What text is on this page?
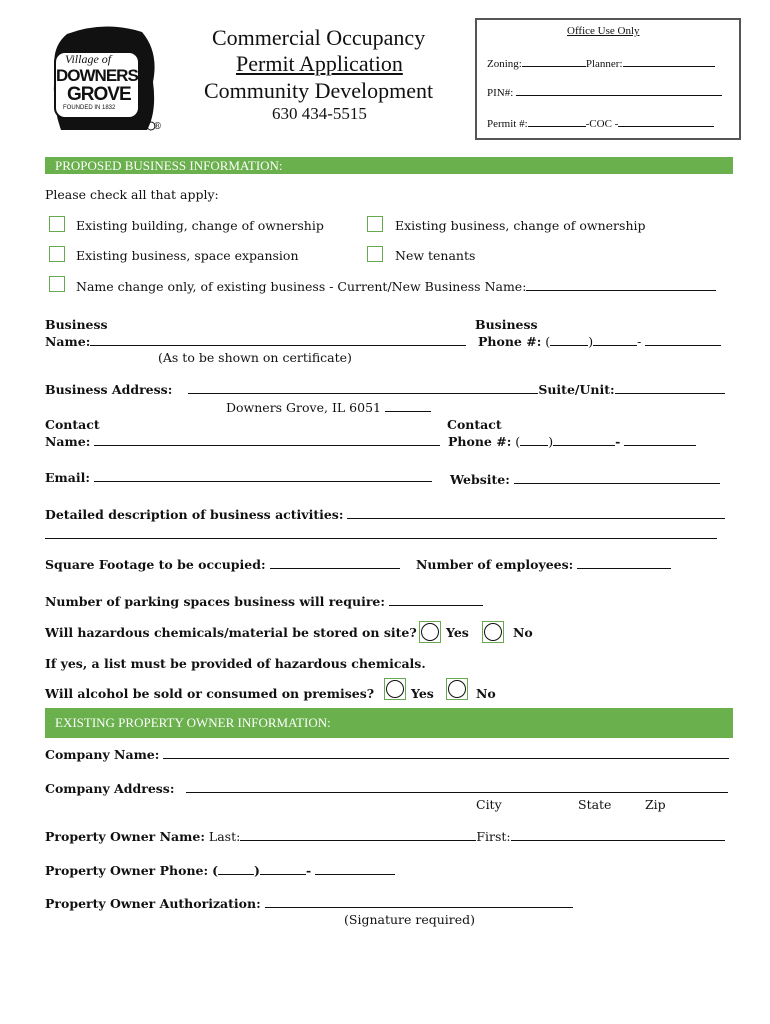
Village of
DOWNERS
GROVE
FOUNDED IN 1832
®
Commercial Occupancy
Permit Application
Community Development
630 434-5515
Office Use Only
Zoning:	Planner:
PIN#:
Permit #:	-COC -
PROPOSED BUSINESS INFORMATION:
Please check all that apply:
Existing building, change of ownership	Existing business, change of ownership
Existing business, space expansion	New tenants
Name change only, of existing business - Current/New Business Name:
Business
Name:
(As to be shown on certificate)
Business
Phone #: (	)	-
Business Address:	Suite/Unit:
Downers Grove, IL 6051
Contact
Name:
Contact
Phone #: ( )	-
Email:	Website:
Detailed description of business activities:
Square Footage to be occupied:	Number of employees:
Number of parking spaces business will require:
Will hazardous chemicals/material be stored on site? Yes	No
If yes, a list must be provided of hazardous chemicals.
Will alcohol be sold or consumed on premises?	Yes	No
EXISTING PROPERTY OWNER INFORMATION:
Company Name:
Company Address:
City	State	Zip
Property Owner Name: Last:	First:
Property Owner Phone: (	)	-
Property Owner Authorization:
(Signature required)
